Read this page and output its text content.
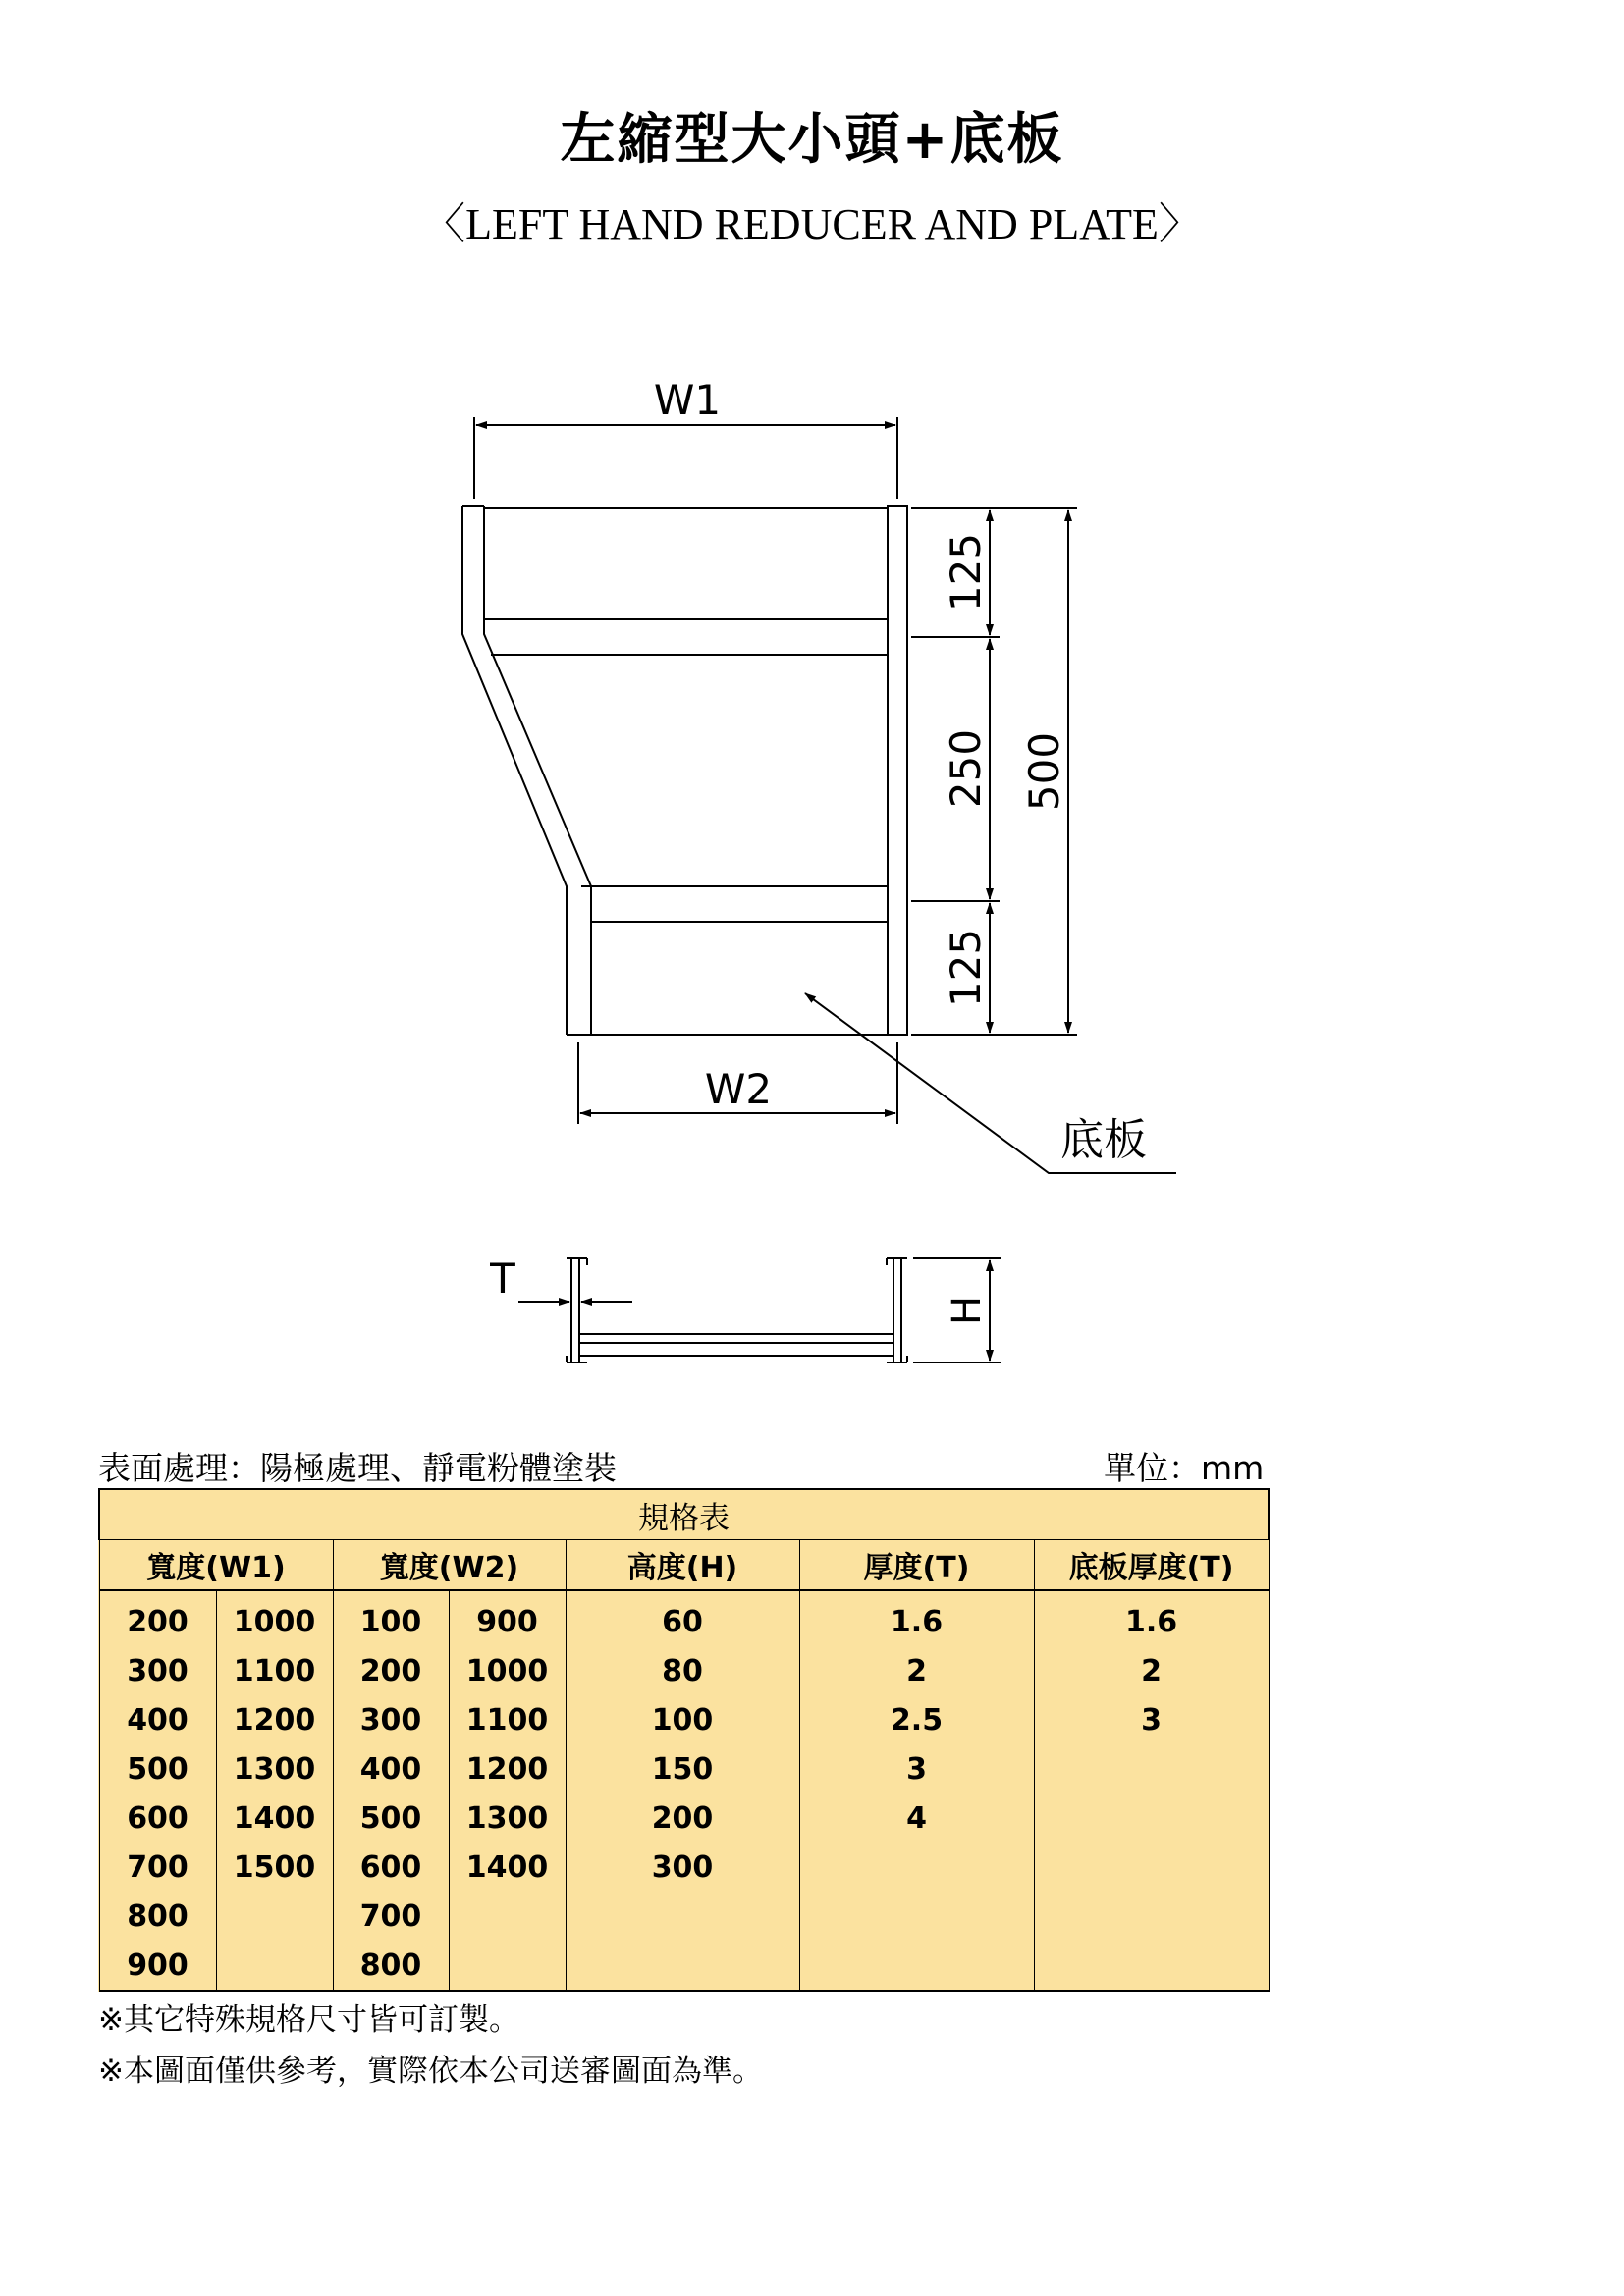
左縮型大小頭+底板
〈LEFT HAND REDUCER AND PLATE〉
W1
W2
125
250
125
500
底板
T
H
表面處理：陽極處理、靜電粉體塗裝	單位：mm
規格表						
寬度(W1)		寬度(W2)		高度(H)	厚度(T)	底板厚度(T)
200	1000	100	900	60	1.6	1.6
300	1100	200	1000	80	2	2
400	1200	300	1100	100	2.5	3
500	1300	400	1200	150	3	
600	1400	500	1300	200	4	
700	1500	600	1400	300		
800		700				
900		800				
※其它特殊規格尺寸皆可訂製。
※本圖面僅供參考，實際依本公司送審圖面為準。
